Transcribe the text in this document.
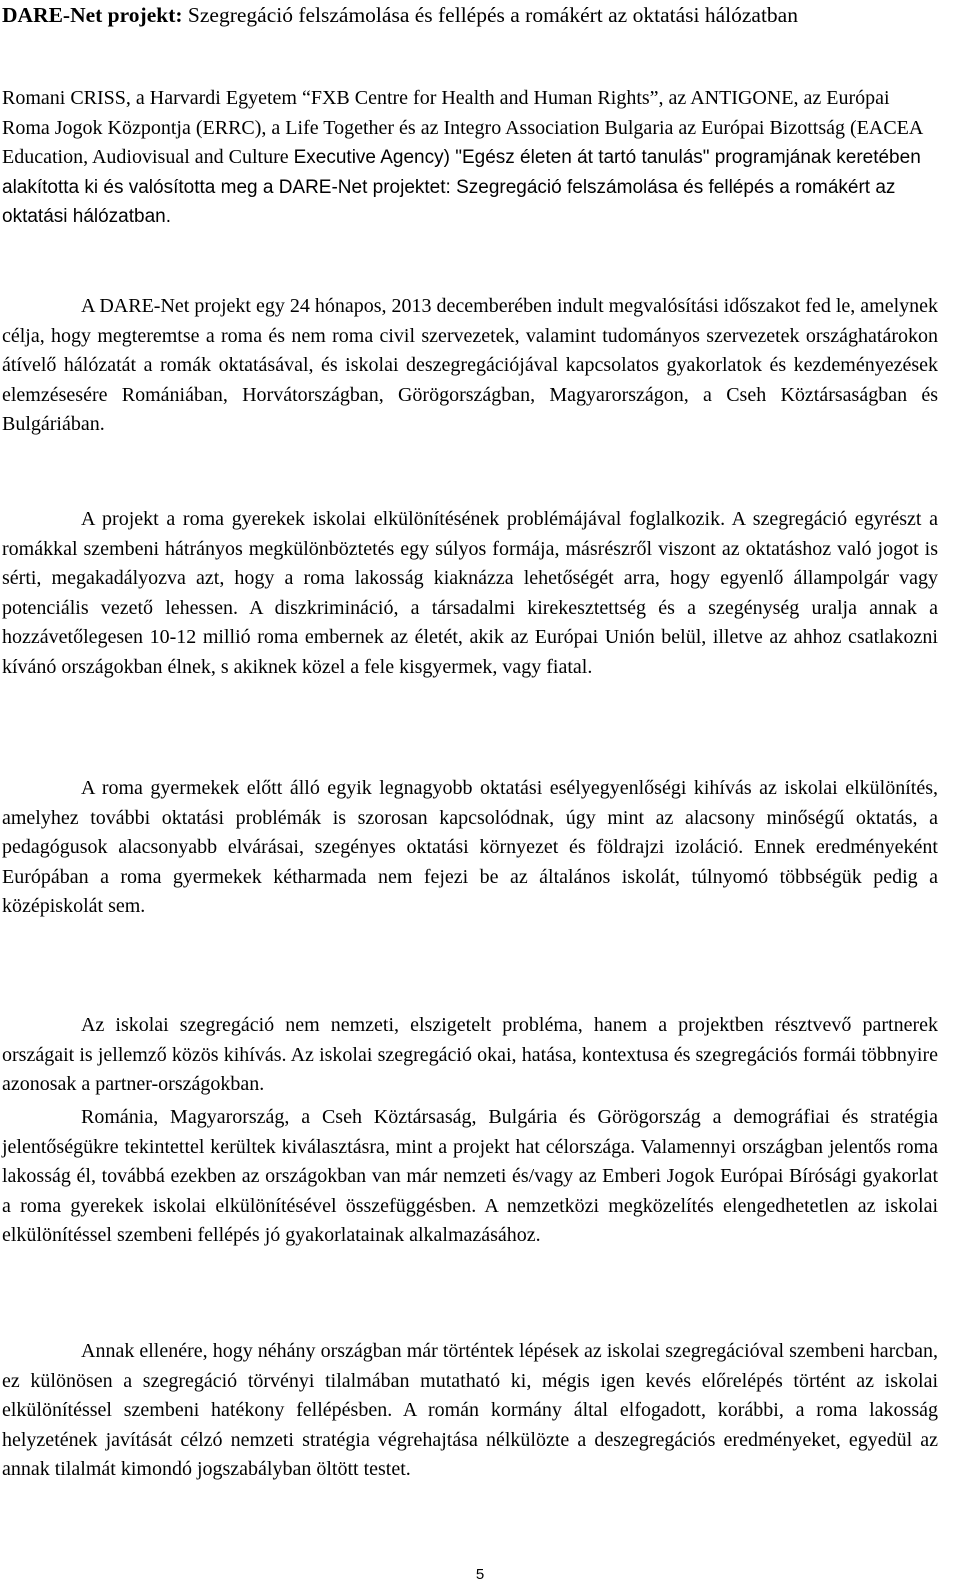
DARE-Net projekt: Szegregáció felszámolása és fellépés a romákért az oktatási hálózatban

Romani CRISS, a Harvardi Egyetem “FXB Centre for Health and Human Rights”, az ANTIGONE, az Európai Roma Jogok Központja (ERRC), a Life Together és az Integro Association Bulgaria az Európai Bizottság (EACEA Education, Audiovisual and Culture Executive Agency) "Egész életen át tartó tanulás" programjának keretében alakította ki és valósította meg a DARE-Net projektet: Szegregáció felszámolása és fellépés a romákért az oktatási hálózatban.

A DARE-Net projekt egy 24 hónapos, 2013 decemberében indult megvalósítási időszakot fed le, amelynek célja, hogy megteremtse a roma és nem roma civil szervezetek, valamint tudományos szervezetek országhatárokon átívelő hálózatát a romák oktatásával, és iskolai deszegregációjával kapcsolatos gyakorlatok és kezdeményezések elemzésesére Romániában, Horvátországban, Görögországban, Magyarországon, a Cseh Köztársaságban és Bulgáriában.

A projekt a roma gyerekek iskolai elkülönítésének problémájával foglalkozik. A szegregáció egyrészt a romákkal szembeni hátrányos megkülönböztetés egy súlyos formája, másrészről viszont az oktatáshoz való jogot is sérti, megakadályozva azt, hogy a roma lakosság kiaknázza lehetőségét arra, hogy egyenlő állampolgár vagy potenciális vezető lehessen. A diszkrimináció, a társadalmi kirekesztettség és a szegénység uralja annak a hozzávetőlegesen 10-12 millió roma embernek az életét, akik az Európai Unión belül, illetve az ahhoz csatlakozni kívánó országokban élnek, s akiknek közel a fele kisgyermek, vagy fiatal.

A roma gyermekek előtt álló egyik legnagyobb oktatási esélyegyenlőségi kihívás az iskolai elkülönítés, amelyhez további oktatási problémák is szorosan kapcsolódnak, úgy mint az alacsony minőségű oktatás, a pedagógusok alacsonyabb elvárásai, szegényes oktatási környezet és földrajzi izoláció. Ennek eredményeként Európában a roma gyermekek kétharmada nem fejezi be az általános iskolát, túlnyomó többségük pedig a középiskolát sem.

Az iskolai szegregáció nem nemzeti, elszigetelt probléma, hanem a projektben résztvevő partnerek országait is jellemző közös kihívás. Az iskolai szegregáció okai, hatása, kontextusa és szegregációs formái többnyire azonosak a partner-országokban.

Románia, Magyarország, a Cseh Köztársaság, Bulgária és Görögország a demográfiai és stratégia jelentőségükre tekintettel kerültek kiválasztásra, mint a projekt hat célországa. Valamennyi országban jelentős roma lakosság él, továbbá ezekben az országokban van már nemzeti és/vagy az Emberi Jogok Európai Bírósági gyakorlat a roma gyerekek iskolai elkülönítésével összefüggésben. A nemzetközi megközelítés elengedhetetlen az iskolai elkülönítéssel szembeni fellépés jó gyakorlatainak alkalmazásához.

Annak ellenére, hogy néhány országban már történtek lépések az iskolai szegregációval szembeni harcban, ez különösen a szegregáció törvényi tilalmában mutatható ki, mégis igen kevés előrelépés történt az iskolai elkülönítéssel szembeni hatékony fellépésben. A román kormány által elfogadott, korábbi, a roma lakosság helyzetének javítását célzó nemzeti stratégia végrehajtása nélkülözte a deszegregációs eredményeket, egyedül az annak tilalmát kimondó jogszabályban öltött testet.

5
